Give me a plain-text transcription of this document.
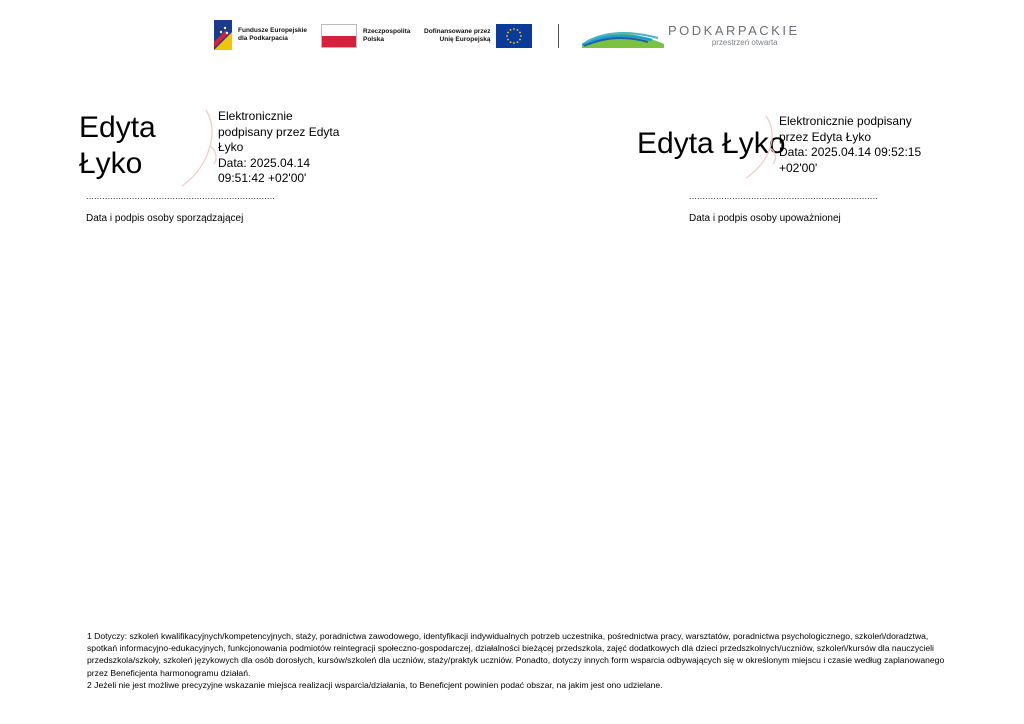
Fundusze Europejskie
dla Podkarpacia
Rzeczpospolita
Polska
Dofinansowane przez
Unię Europejską
PODKARPACKIE
przestrzeń otwarta
Edyta
Łyko
Elektronicznie
podpisany przez Edyta
Łyko
Data: 2025.04.14
09:51:42 +02'00'
......................................................................
Data i podpis osoby sporządzającej
Edyta Łyko
Elektronicznie podpisany
przez Edyta Łyko
Data: 2025.04.14 09:52:15
+02'00'
......................................................................
Data i podpis osoby upoważnionej

1 Dotyczy: szkoleń kwalifikacyjnych/kompetencyjnych, staży, poradnictwa zawodowego, identyfikacji indywidualnych potrzeb uczestnika, pośrednictwa pracy, warsztatów, poradnictwa psychologicznego, szkoleń/doradztwa, spotkań informacyjno-edukacyjnych, funkcjonowania podmiotów reintegracji społeczno-gospodarczej, działalności bieżącej przedszkola, zajęć dodatkowych dla dzieci przedszkolnych/uczniów, szkoleń/kursów dla nauczycieli przedszkola/szkoły, szkoleń językowych dla osób dorosłych, kursów/szkoleń dla uczniów, staży/praktyk uczniów. Ponadto, dotyczy innych form wsparcia odbywających się w określonym miejscu i czasie według zaplanowanego przez Beneficjenta harmonogramu działań.

2 Jeżeli nie jest możliwe precyzyjne wskazanie miejsca realizacji wsparcia/działania, to Beneficjent powinien podać obszar, na jakim jest ono udzielane.
